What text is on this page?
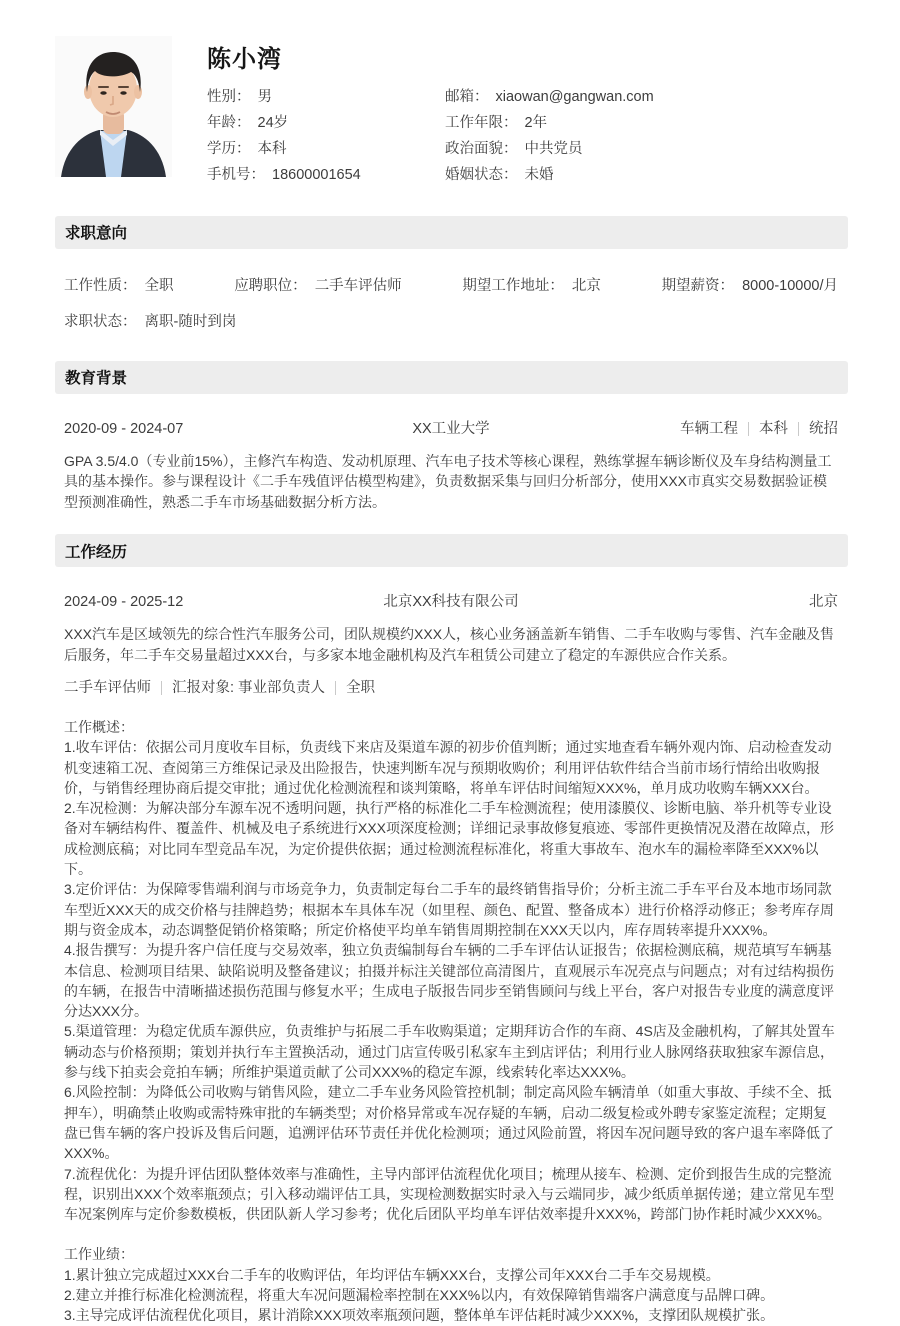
陈小湾
性别： 男	邮箱： xiaowan@gangwan.com
年龄： 24岁	工作年限： 2年
学历： 本科	政治面貌： 中共党员
手机号： 18600001654	婚姻状态： 未婚
求职意向
工作性质： 全职	应聘职位： 二手车评估师	期望工作地址： 北京	期望薪资： 8000-10000/月
求职状态： 离职-随时到岗
教育背景
2020-09 - 2024-07	XX工业大学	车辆工程 本科 统招
GPA 3.5/4.0（专业前15%），主修汽车构造、发动机原理、汽车电子技术等核心课程，熟练掌握车辆诊断仪及车身结构测量工具的基本操作。参与课程设计《二手车残值评估模型构建》，负责数据采集与回归分析部分，使用XXX市真实交易数据验证模型预测准确性，熟悉二手车市场基础数据分析方法。
工作经历
2024-09 - 2025-12	北京XX科技有限公司	北京
XXX汽车是区域领先的综合性汽车服务公司，团队规模约XXX人，核心业务涵盖新车销售、二手车收购与零售、汽车金融及售后服务，年二手车交易量超过XXX台，与多家本地金融机构及汽车租赁公司建立了稳定的车源供应合作关系。
二手车评估师 汇报对象: 事业部负责人 全职
工作概述：
1.收车评估：依据公司月度收车目标，负责线下来店及渠道车源的初步价值判断；通过实地查看车辆外观内饰、启动检查发动机变速箱工况、查阅第三方维保记录及出险报告，快速判断车况与预期收购价；利用评估软件结合当前市场行情给出收购报价，与销售经理协商后提交审批；通过优化检测流程和谈判策略，将单车评估时间缩短XXX%，单月成功收购车辆XXX台。
2.车况检测：为解决部分车源车况不透明问题，执行严格的标准化二手车检测流程；使用漆膜仪、诊断电脑、举升机等专业设备对车辆结构件、覆盖件、机械及电子系统进行XXX项深度检测；详细记录事故修复痕迹、零部件更换情况及潜在故障点，形成检测底稿；对比同车型竞品车况，为定价提供依据；通过检测流程标准化，将重大事故车、泡水车的漏检率降至XXX%以下。
3.定价评估：为保障零售端利润与市场竞争力，负责制定每台二手车的最终销售指导价；分析主流二手车平台及本地市场同款车型近XXX天的成交价格与挂牌趋势；根据本车具体车况（如里程、颜色、配置、整备成本）进行价格浮动修正；参考库存周期与资金成本，动态调整促销价格策略；所定价格使平均单车销售周期控制在XXX天以内，库存周转率提升XXX%。
4.报告撰写：为提升客户信任度与交易效率，独立负责编制每台车辆的二手车评估认证报告；依据检测底稿，规范填写车辆基本信息、检测项目结果、缺陷说明及整备建议；拍摄并标注关键部位高清图片，直观展示车况亮点与问题点；对有过结构损伤的车辆，在报告中清晰描述损伤范围与修复水平；生成电子版报告同步至销售顾问与线上平台，客户对报告专业度的满意度评分达XXX分。
5.渠道管理：为稳定优质车源供应，负责维护与拓展二手车收购渠道；定期拜访合作的车商、4S店及金融机构，了解其处置车辆动态与价格预期；策划并执行车主置换活动，通过门店宣传吸引私家车主到店评估；利用行业人脉网络获取独家车源信息，参与线下拍卖会竞拍车辆；所维护渠道贡献了公司XXX%的稳定车源，线索转化率达XXX%。
6.风险控制：为降低公司收购与销售风险，建立二手车业务风险管控机制；制定高风险车辆清单（如重大事故、手续不全、抵押车），明确禁止收购或需特殊审批的车辆类型；对价格异常或车况存疑的车辆，启动二级复检或外聘专家鉴定流程；定期复盘已售车辆的客户投诉及售后问题，追溯评估环节责任并优化检测项；通过风险前置，将因车况问题导致的客户退车率降低了XXX%。
7.流程优化：为提升评估团队整体效率与准确性，主导内部评估流程优化项目；梳理从接车、检测、定价到报告生成的完整流程，识别出XXX个效率瓶颈点；引入移动端评估工具，实现检测数据实时录入与云端同步，减少纸质单据传递；建立常见车型车况案例库与定价参数模板，供团队新人学习参考；优化后团队平均单车评估效率提升XXX%，跨部门协作耗时减少XXX%。
工作业绩：
1.累计独立完成超过XXX台二手车的收购评估，年均评估车辆XXX台，支撑公司年XXX台二手车交易规模。
2.建立并推行标准化检测流程，将重大车况问题漏检率控制在XXX%以内，有效保障销售端客户满意度与品牌口碑。
3.主导完成评估流程优化项目，累计消除XXX项效率瓶颈问题，整体单车评估耗时减少XXX%，支撑团队规模扩张。
